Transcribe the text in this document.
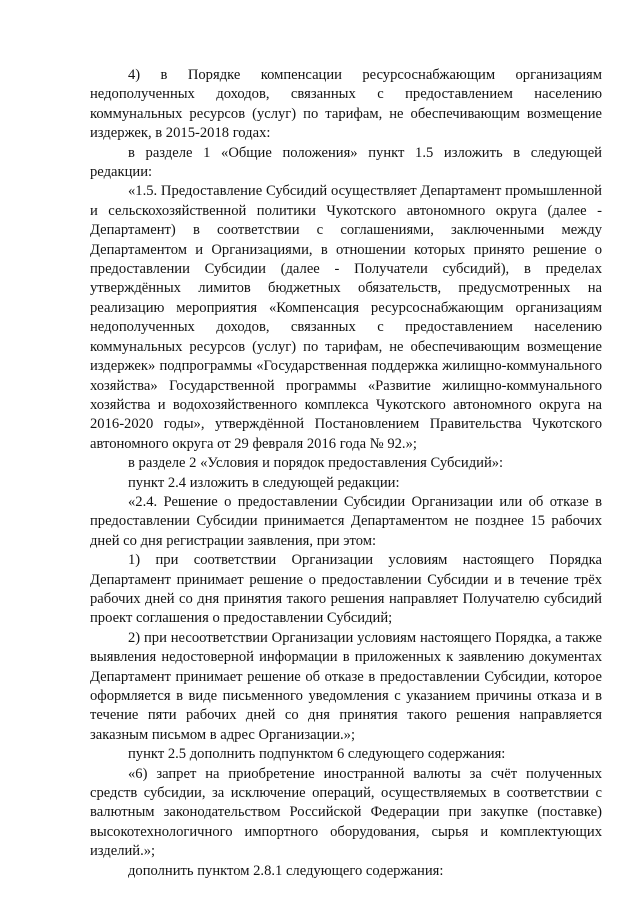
4) в Порядке компенсации ресурсоснабжающим организациям недополученных доходов, связанных с предоставлением населению коммунальных ресурсов (услуг) по тарифам, не обеспечивающим возмещение издержек, в 2015-2018 годах:

в разделе 1 «Общие положения» пункт 1.5 изложить в следующей редакции:

«1.5. Предоставление Субсидий осуществляет Департамент промышленной и сельскохозяйственной политики Чукотского автономного округа (далее - Департамент) в соответствии с соглашениями, заключенными между Департаментом и Организациями, в отношении которых принято решение о предоставлении Субсидии (далее - Получатели субсидий), в пределах утверждённых лимитов бюджетных обязательств, предусмотренных на реализацию мероприятия «Компенсация ресурсоснабжающим организациям недополученных доходов, связанных с предоставлением населению коммунальных ресурсов (услуг) по тарифам, не обеспечивающим возмещение издержек» подпрограммы «Государственная поддержка жилищно-коммунального хозяйства» Государственной программы «Развитие жилищно-коммунального хозяйства и водохозяйственного комплекса Чукотского автономного округа на 2016-2020 годы», утверждённой Постановлением Правительства Чукотского автономного округа от 29 февраля 2016 года № 92.»;

в разделе 2 «Условия и порядок предоставления Субсидий»:

пункт 2.4 изложить в следующей редакции:

«2.4. Решение о предоставлении Субсидии Организации или об отказе в предоставлении Субсидии принимается Департаментом не позднее 15 рабочих дней со дня регистрации заявления, при этом:

1) при соответствии Организации условиям настоящего Порядка Департамент принимает решение о предоставлении Субсидии и в течение трёх рабочих дней со дня принятия такого решения направляет Получателю субсидий проект соглашения о предоставлении Субсидий;

2) при несоответствии Организации условиям настоящего Порядка, а также выявления недостоверной информации в приложенных к заявлению документах Департамент принимает решение об отказе в предоставлении Субсидии, которое оформляется в виде письменного уведомления с указанием причины отказа и в течение пяти рабочих дней со дня принятия такого решения направляется заказным письмом в адрес Организации.»;

пункт 2.5 дополнить подпунктом 6 следующего содержания:

«6) запрет на приобретение иностранной валюты за счёт полученных средств субсидии, за исключение операций, осуществляемых в соответствии с валютным законодательством Российской Федерации при закупке (поставке) высокотехнологичного импортного оборудования, сырья и комплектующих изделий.»;

дополнить пунктом 2.8.1 следующего содержания:
